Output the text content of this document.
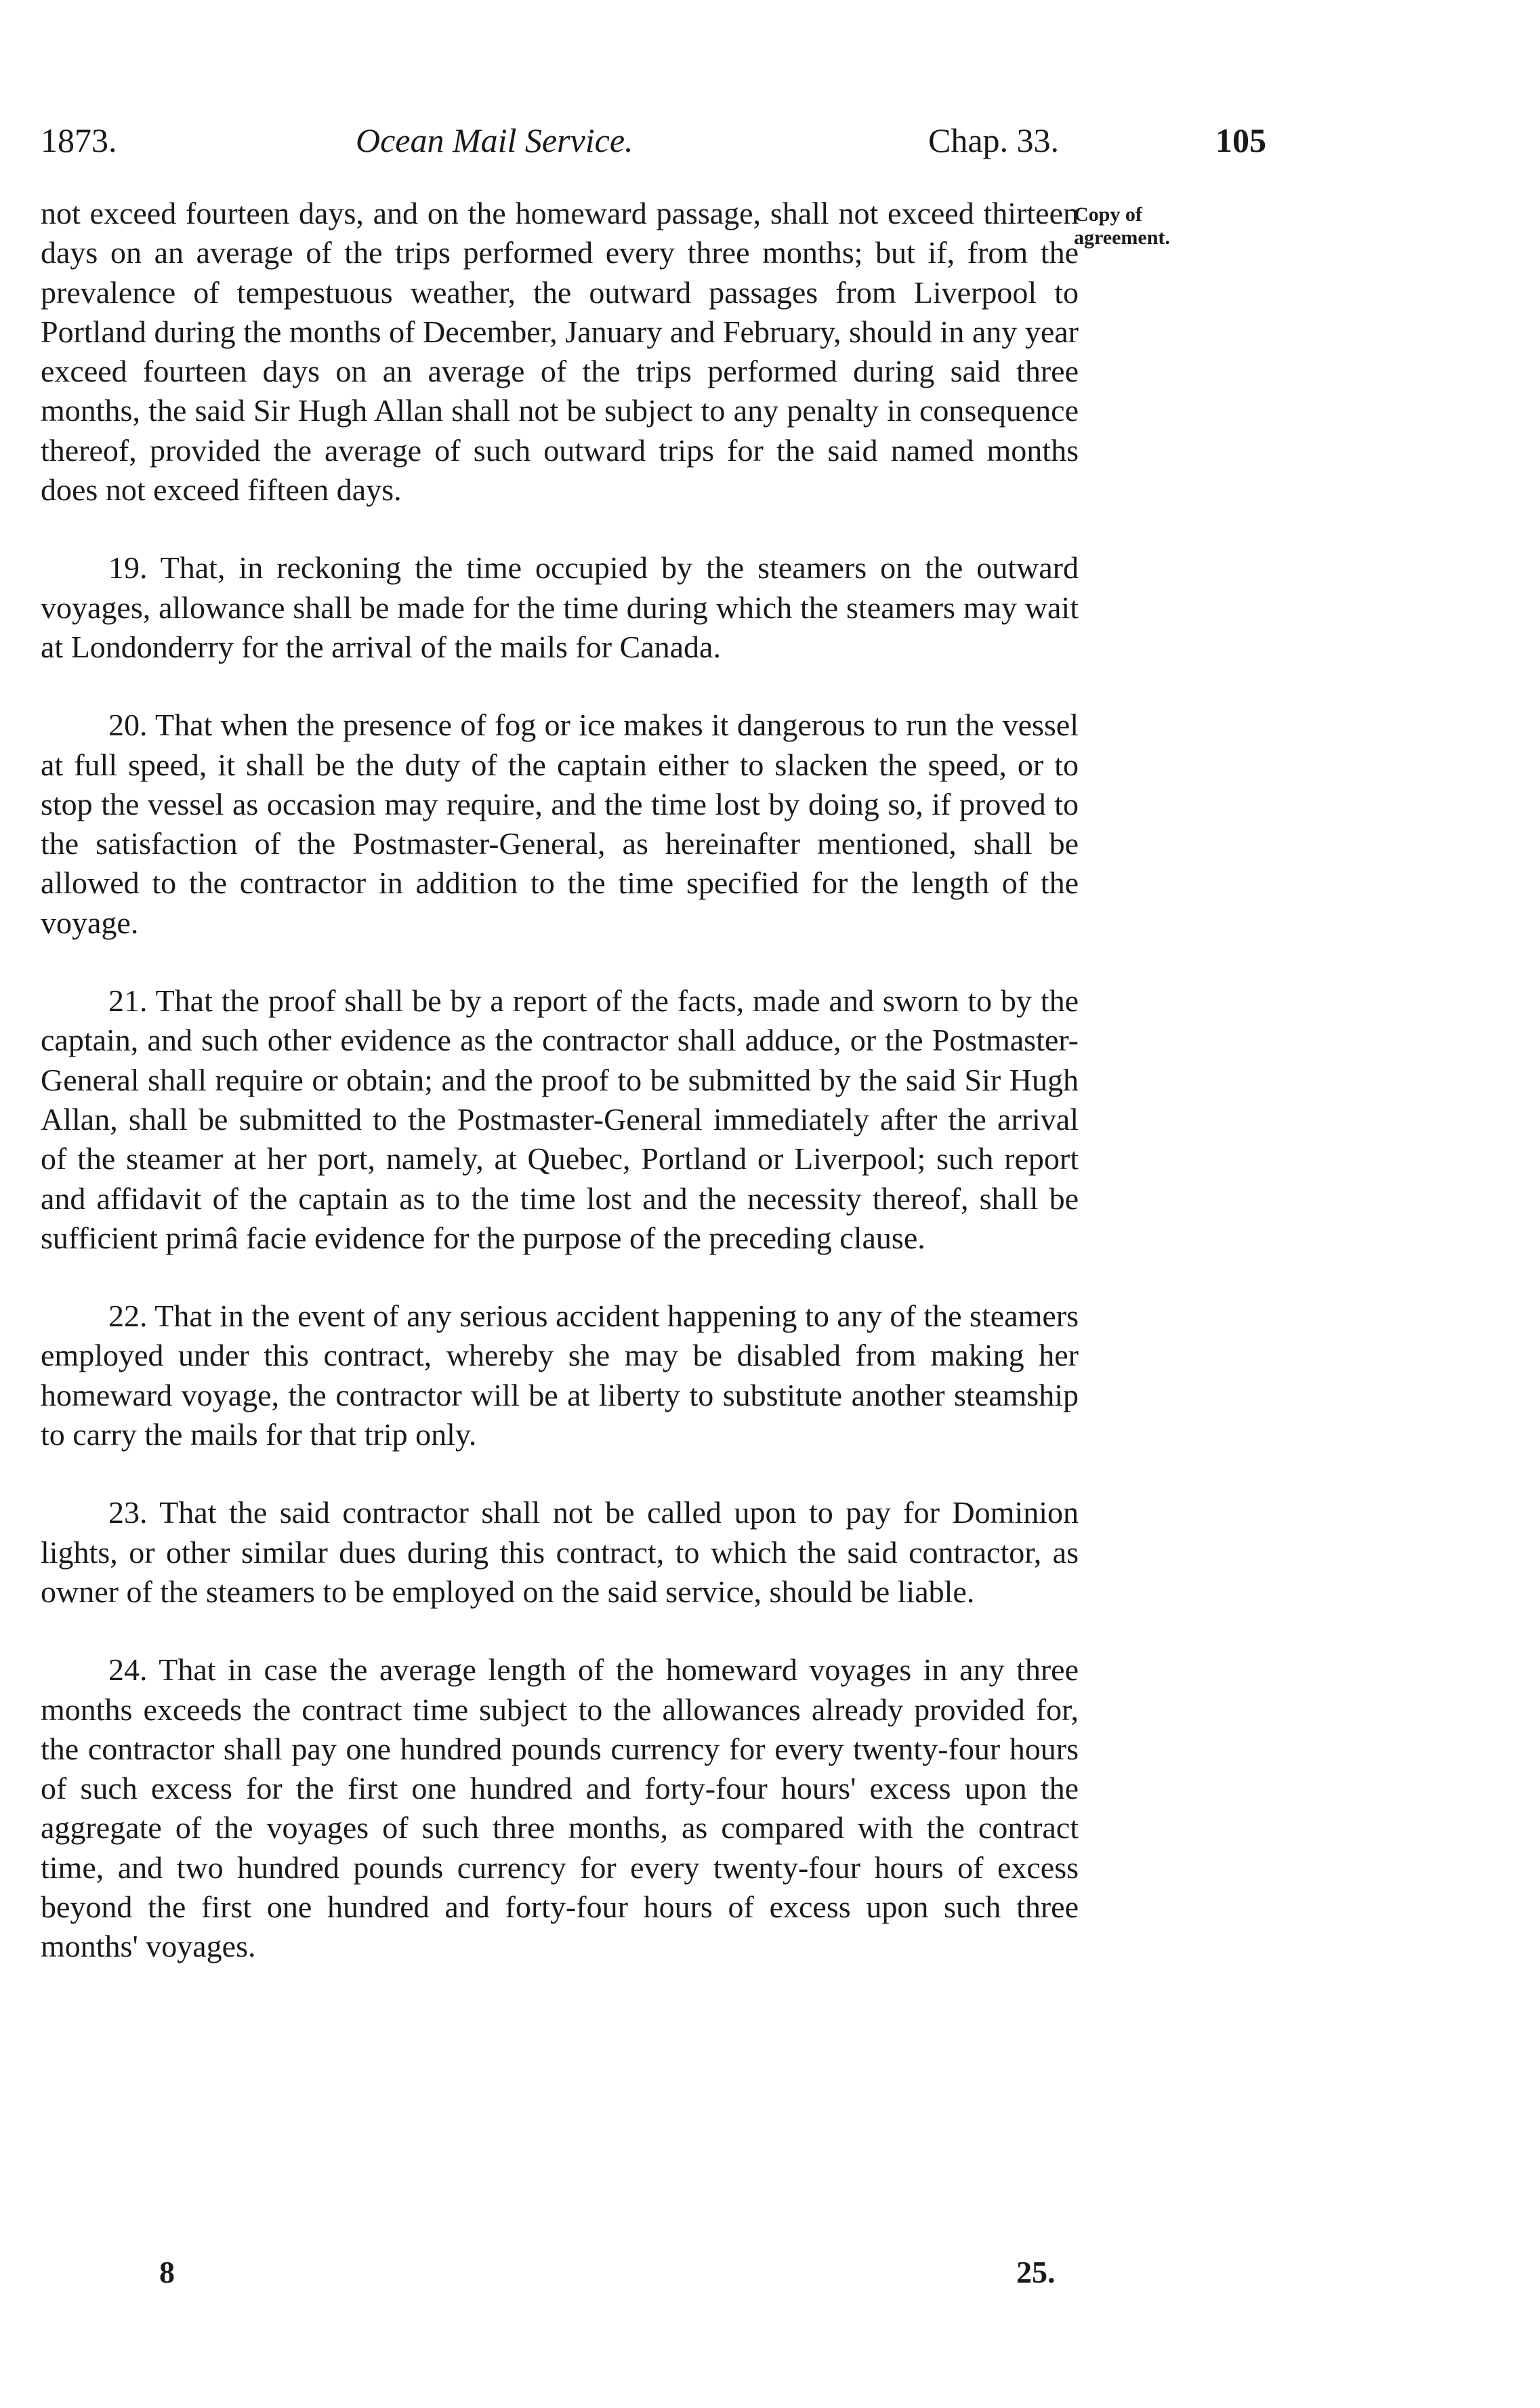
1873.	Ocean Mail Service.	Chap. 33.	105
Copy of agreement.

not exceed fourteen days, and on the homeward passage, shall not exceed thirteen days on an average of the trips performed every three months; but if, from the prevalence of tempestuous weather, the outward passages from Liverpool to Portland during the months of December, January and February, should in any year exceed fourteen days on an average of the trips performed during said three months, the said Sir Hugh Allan shall not be subject to any penalty in consequence thereof, provided the average of such outward trips for the said named months does not exceed fifteen days.

19. That, in reckoning the time occupied by the steamers on the outward voyages, allowance shall be made for the time during which the steamers may wait at Londonderry for the arrival of the mails for Canada.

20. That when the presence of fog or ice makes it dangerous to run the vessel at full speed, it shall be the duty of the captain either to slacken the speed, or to stop the vessel as occasion may require, and the time lost by doing so, if proved to the satisfaction of the Postmaster-General, as hereinafter mentioned, shall be allowed to the contractor in addition to the time specified for the length of the voyage.

21. That the proof shall be by a report of the facts, made and sworn to by the captain, and such other evidence as the contractor shall adduce, or the Postmaster-General shall require or obtain; and the proof to be submitted by the said Sir Hugh Allan, shall be submitted to the Postmaster-General immediately after the arrival of the steamer at her port, namely, at Quebec, Portland or Liverpool; such report and affidavit of the captain as to the time lost and the necessity thereof, shall be sufficient primâ facie evidence for the purpose of the preceding clause.

22. That in the event of any serious accident happening to any of the steamers employed under this contract, whereby she may be disabled from making her homeward voyage, the contractor will be at liberty to substitute another steamship to carry the mails for that trip only.

23. That the said contractor shall not be called upon to pay for Dominion lights, or other similar dues during this contract, to which the said contractor, as owner of the steamers to be employed on the said service, should be liable.

24. That in case the average length of the homeward voyages in any three months exceeds the contract time subject to the allowances already provided for, the contractor shall pay one hundred pounds currency for every twenty-four hours of such excess for the first one hundred and forty-four hours' excess upon the aggregate of the voyages of such three months, as compared with the contract time, and two hundred pounds currency for every twenty-four hours of excess beyond the first one hundred and forty-four hours of excess upon such three months' voyages.

8	25.
